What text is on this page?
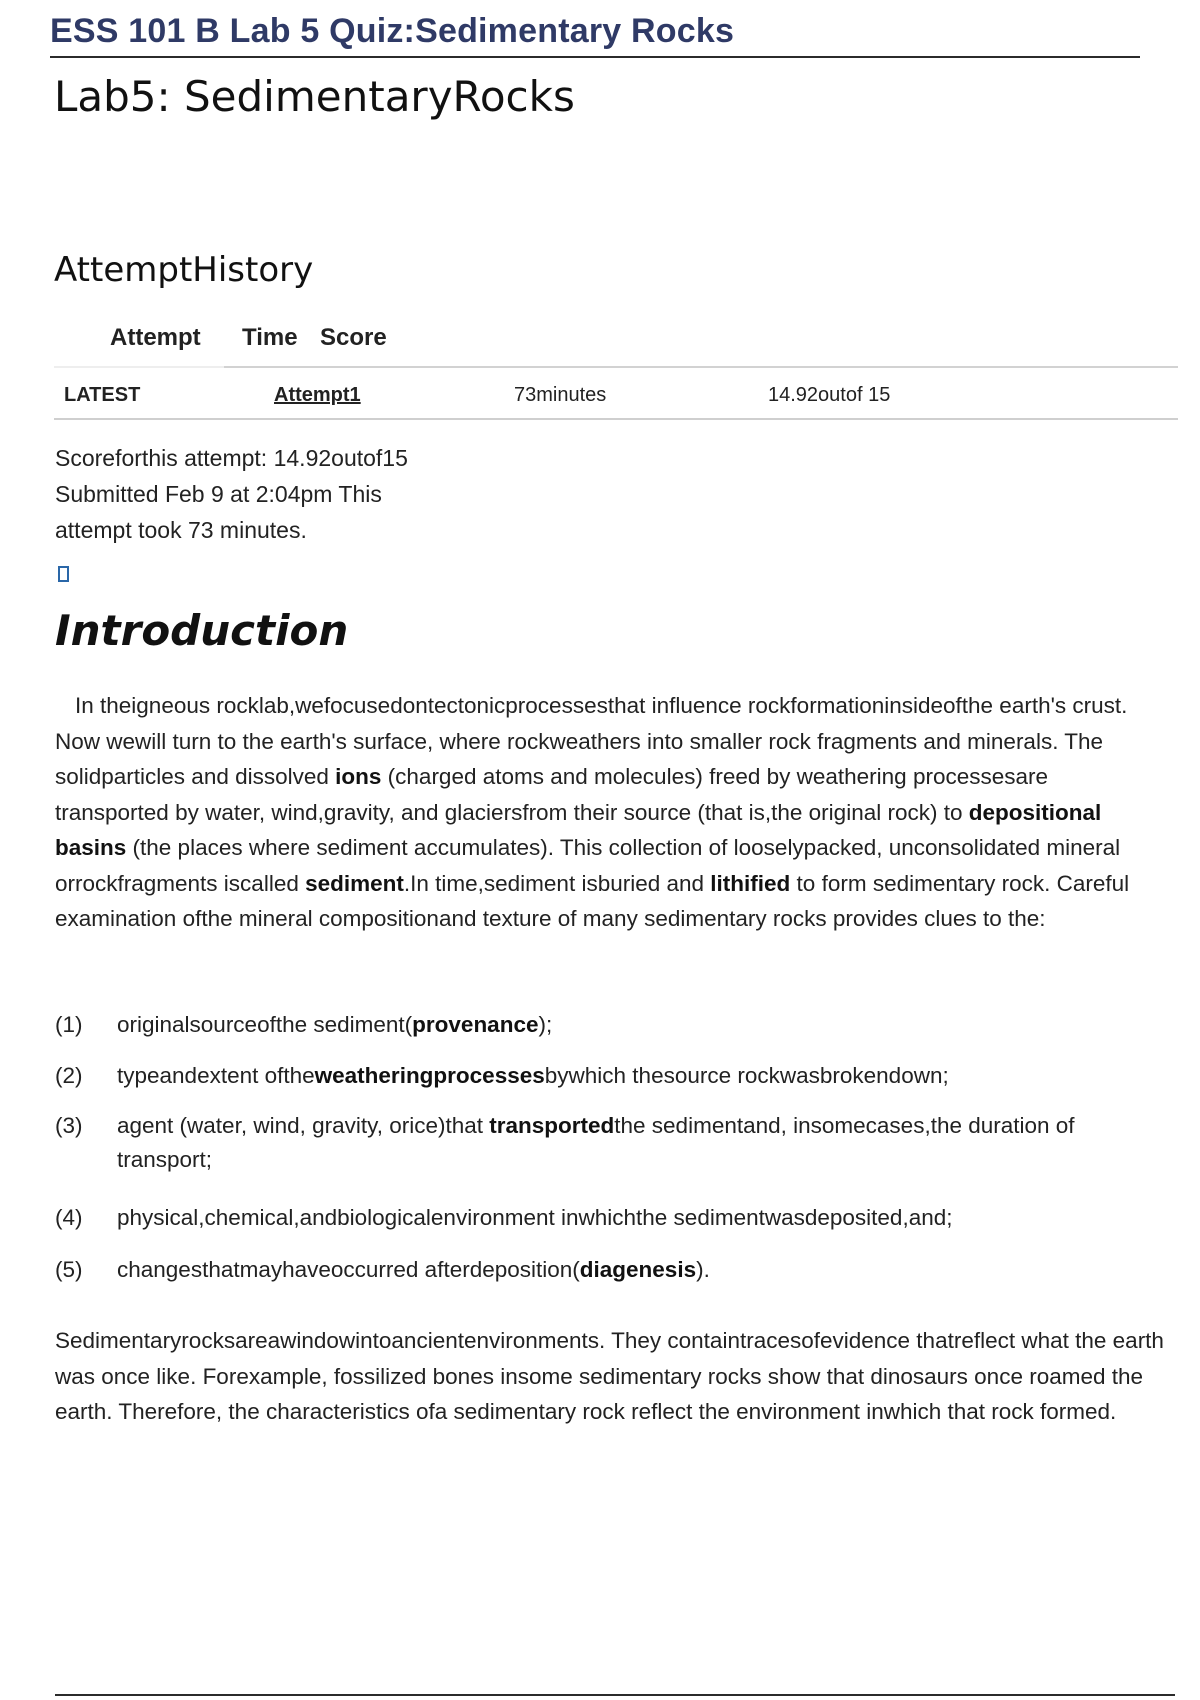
ESS 101 B Lab 5 Quiz:Sedimentary Rocks
Lab5: SedimentaryRocks
AttemptHistory
Attempt Time Score
LATEST	Attempt1	73minutes	14.92outof 15
Scoreforthis attempt: 14.92outof15
Submitted Feb 9 at 2:04pm This
attempt took 73 minutes.
Introduction

In theigneous rocklab,wefocusedontectonicprocessesthat influence rockformationinsideofthe earth's crust. Now wewill turn to the earth's surface, where rockweathers into smaller rock fragments and minerals. The solidparticles and dissolved ions (charged atoms and molecules) freed by weathering processesare transported by water, wind,gravity, and glaciersfrom their source (that is,the original rock) to depositional basins (the places where sediment accumulates). This collection of looselypacked, unconsolidated mineral orrockfragments iscalled sediment.In time,sediment isburied and lithified to form sedimentary rock. Careful examination ofthe mineral compositionand texture of many sedimentary rocks provides clues to the:

(1)	originalsourceofthe sediment(provenance);
(2)	typeandextent oftheweatheringprocessesbywhich thesource rockwasbrokendown;
(3)	agent (water, wind, gravity, orice)that transportedthe sedimentand, insomecases,the duration of transport;
(4)	physical,chemical,andbiologicalenvironment inwhichthe sedimentwasdeposited,and;
(5)	changesthatmayhaveoccurred afterdeposition(diagenesis).

Sedimentaryrocksareawindowintoancientenvironments. They containtracesofevidence thatreflect what the earth was once like. Forexample, fossilized bones insome sedimentary rocks show that dinosaurs once roamed the earth. Therefore, the characteristics ofa sedimentary rock reflect the environment inwhich that rock formed.
